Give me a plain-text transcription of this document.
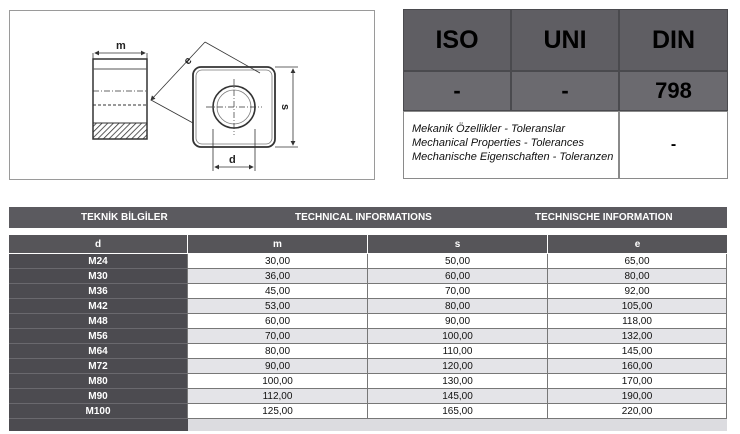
m
e
s
d
ISO	UNI	DIN
-	-	798
Mekanik Özellikler - Toleranslar
Mechanical Properties - Tolerances
Mechanische Eigenschaften - Toleranzen
-
TEKNİK BİLGİLER	TECHNICAL INFORMATIONS	TECHNISCHE INFORMATION
d	m	s	e
M24	30,00	50,00	65,00
M30	36,00	60,00	80,00
M36	45,00	70,00	92,00
M42	53,00	80,00	105,00
M48	60,00	90,00	118,00
M56	70,00	100,00	132,00
M64	80,00	110,00	145,00
M72	90,00	120,00	160,00
M80	100,00	130,00	170,00
M90	112,00	145,00	190,00
M100	125,00	165,00	220,00
